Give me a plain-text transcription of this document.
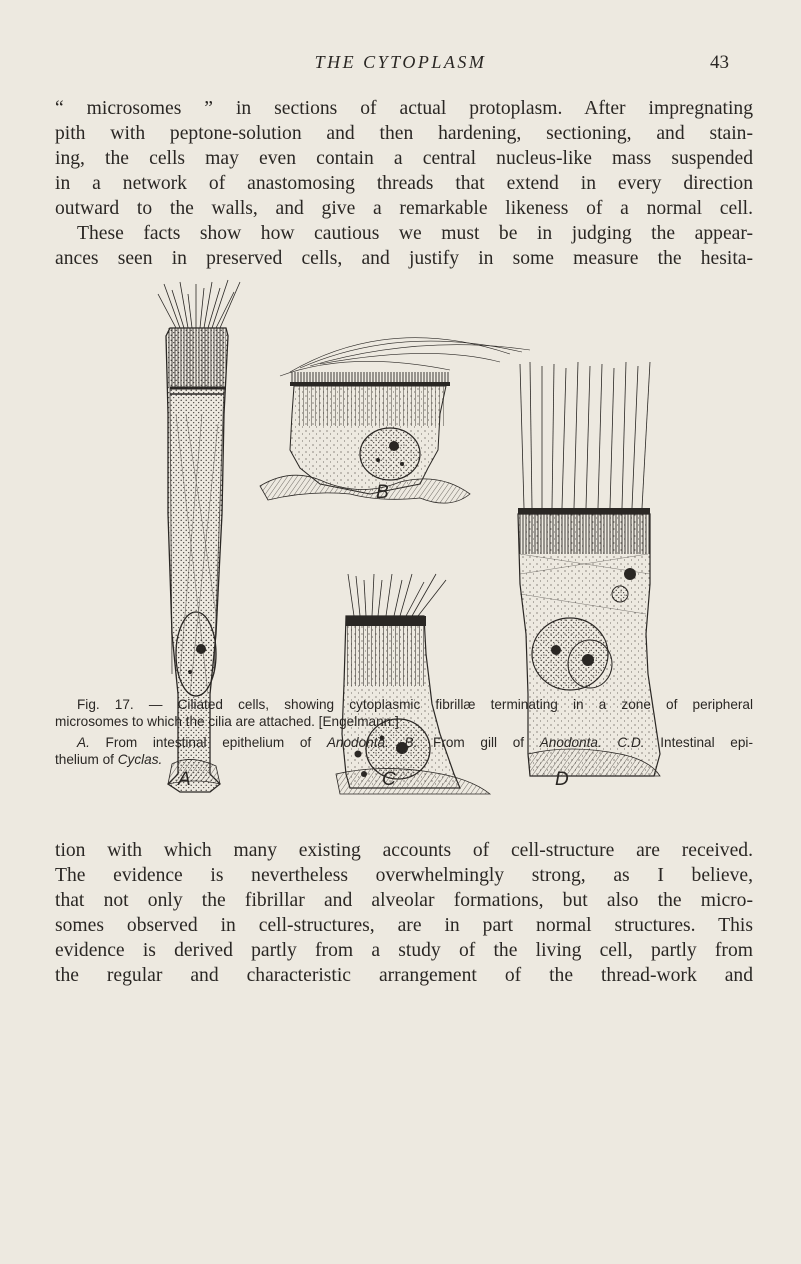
THE CYTOPLASM	43
“ microsomes ” in sections of actual protoplasm. After impregnating
pith with peptone-solution and then hardening, sectioning, and stain-
ing, the cells may even contain a central nucleus-like mass suspended
in a network of anastomosing threads that extend in every direction
outward to the walls, and give a remarkable likeness of a normal cell.
These facts show how cautious we must be in judging the appear-
ances seen in preserved cells, and justify in some measure the hesita-
A
B
C	D
Fig. 17. — Ciliated cells, showing cytoplasmic fibrillæ terminating in a zone of peripheral
microsomes to which the cilia are attached. [Engelmann.]
A. From intestinal epithelium of Anodonta. B. From gill of Anodonta. C.D. Intestinal epi-
thelium of Cyclas.
tion with which many existing accounts of cell-structure are received.
The evidence is nevertheless overwhelmingly strong, as I believe,
that not only the fibrillar and alveolar formations, but also the micro-
somes observed in cell-structures, are in part normal structures. This
evidence is derived partly from a study of the living cell, partly from
the regular and characteristic arrangement of the thread-work and
